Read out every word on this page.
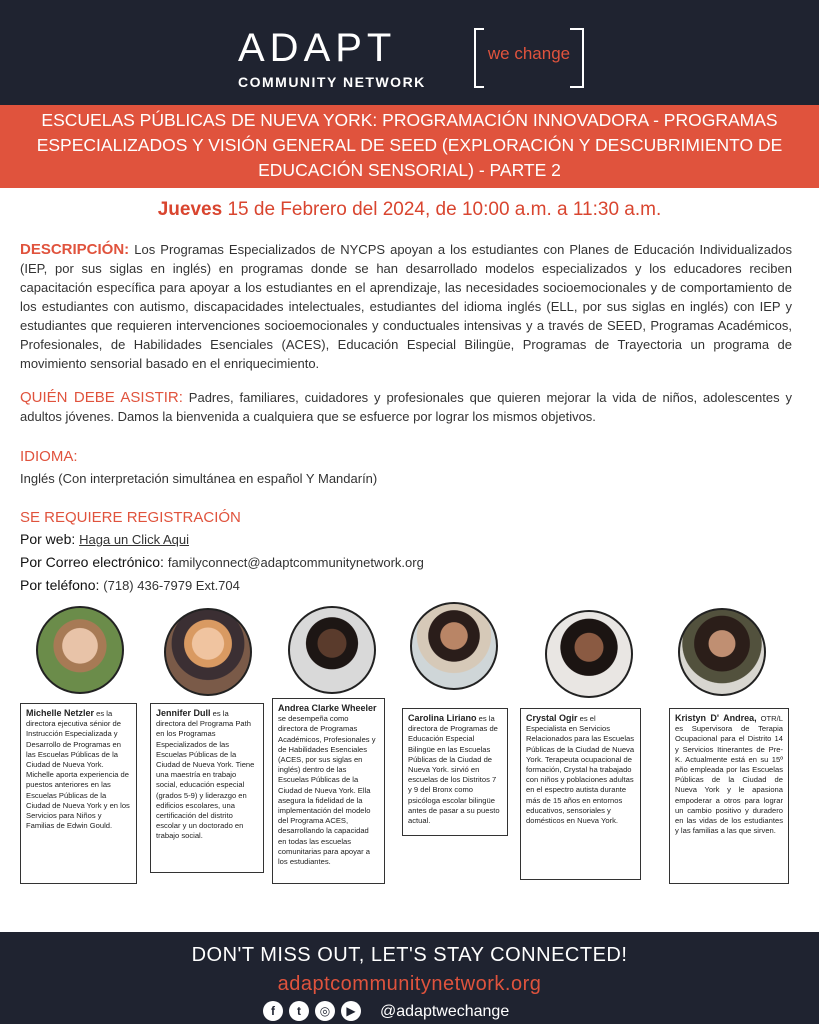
ADAPT
COMMUNITY NETWORK
we change
ESCUELAS PÚBLICAS DE NUEVA YORK: PROGRAMACIÓN INNOVADORA - PROGRAMAS
ESPECIALIZADOS Y VISIÓN GENERAL DE SEED (EXPLORACIÓN Y DESCUBRIMIENTO DE
EDUCACIÓN SENSORIAL) - PARTE 2
Jueves 15 de Febrero del 2024, de 10:00 a.m. a 11:30 a.m.
DESCRIPCIÓN: Los Programas Especializados de NYCPS apoyan a los estudiantes con Planes de Educación Individualizados (IEP, por sus siglas en inglés) en programas donde se han desarrollado modelos especializados y los educadores reciben capacitación específica para apoyar a los estudiantes en el aprendizaje, las necesidades socioemocionales y de comportamiento de los estudiantes con autismo, discapacidades intelectuales, estudiantes del idioma inglés (ELL, por sus siglas en inglés) con IEP y estudiantes que requieren intervenciones socioemocionales y conductuales intensivas y a través de SEED, Programas Académicos, Profesionales, de Habilidades Esenciales (ACES), Educación Especial Bilingüe, Programas de Trayectoria un programa de movimiento sensorial basado en el enriquecimiento.
QUIÉN DEBE ASISTIR: Padres, familiares, cuidadores y profesionales que quieren mejorar la vida de niños, adolescentes y adultos jóvenes. Damos la bienvenida a cualquiera que se esfuerce por lograr los mismos objetivos.
IDIOMA:
Inglés (Con interpretación simultánea en español Y Mandarín)
SE REQUIERE REGISTRACIÓN
Por web: Haga un Click Aqui
Por Correo electrónico: familyconnect@adaptcommunitynetwork.org
Por teléfono: (718) 436-7979 Ext.704
Michelle Netzler es la directora ejecutiva sénior de Instrucción Especializada y Desarrollo de Programas en las Escuelas Públicas de la Ciudad de Nueva York. Michelle aporta experiencia de puestos anteriores en las Escuelas Públicas de la Ciudad de Nueva York y en los Servicios para Niños y Familias de Edwin Gould.
Jennifer Dull es la directora del Programa Path en los Programas Especializados de las Escuelas Públicas de la Ciudad de Nueva York. Tiene una maestría en trabajo social, educación especial (grados 5-9) y liderazgo en edificios escolares, una certificación del distrito escolar y un doctorado en trabajo social.
Andrea Clarke Wheeler se desempeña como directora de Programas Académicos, Profesionales y de Habilidades Esenciales (ACES, por sus siglas en inglés) dentro de las Escuelas Públicas de la Ciudad de Nueva York. Ella asegura la fidelidad de la implementación del modelo del Programa ACES, desarrollando la capacidad en todas las escuelas comunitarias para apoyar a los estudiantes.
Carolina Liriano es la directora de Programas de Educación Especial Bilingüe en las Escuelas Públicas de la Ciudad de Nueva York. sirvió en escuelas de los Distritos 7 y 9 del Bronx como psicóloga escolar bilingüe antes de pasar a su puesto actual.
Crystal Ogir es el Especialista en Servicios Relacionados para las Escuelas Públicas de la Ciudad de Nueva York. Terapeuta ocupacional de formación, Crystal ha trabajado con niños y poblaciones adultas en el espectro autista durante más de 15 años en entornos educativos, sensoriales y domésticos en Nueva York.
Kristyn D' Andrea, OTR/L es Supervisora de Terapia Ocupacional para el Distrito 14 y Servicios Itinerantes de Pre-K. Actualmente está en su 15º año empleada por las Escuelas Públicas de la Ciudad de Nueva York y le apasiona empoderar a otros para lograr un cambio positivo y duradero en las vidas de los estudiantes y las familias a las que sirven.
DON'T MISS OUT, LET'S STAY CONNECTED!
adaptcommunitynetwork.org
f	t	◎	▶	@adaptwechange
